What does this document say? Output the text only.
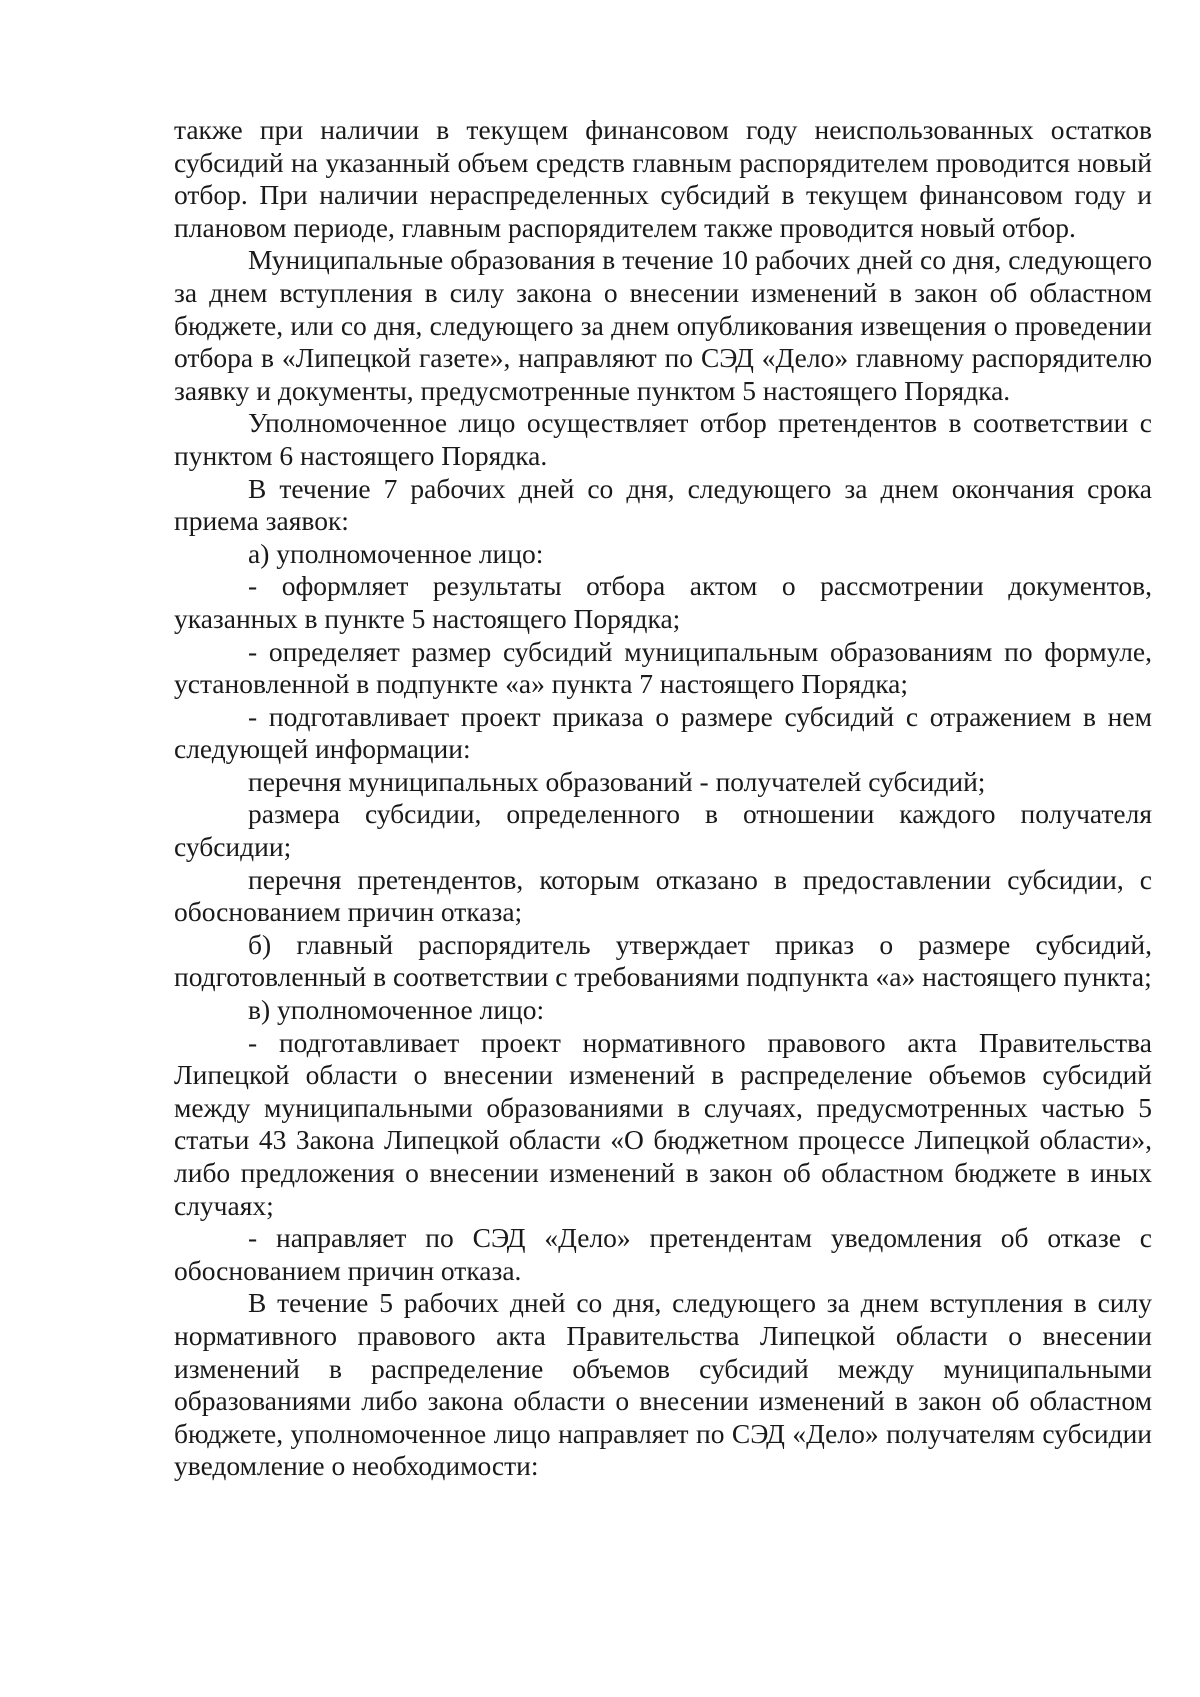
также при наличии в текущем финансовом году неиспользованных остатков субсидий на указанный объем средств главным распорядителем проводится новый отбор. При наличии нераспределенных субсидий в текущем финансовом году и плановом периоде, главным распорядителем также проводится новый отбор.

Муниципальные образования в течение 10 рабочих дней со дня, следующего за днем вступления в силу закона о внесении изменений в закон об областном бюджете, или со дня, следующего за днем опубликования извещения о проведении отбора в «Липецкой газете», направляют по СЭД «Дело» главному распорядителю заявку и документы, предусмотренные пунктом 5 настоящего Порядка.

Уполномоченное лицо осуществляет отбор претендентов в соответствии с пунктом 6 настоящего Порядка.

В течение 7 рабочих дней со дня, следующего за днем окончания срока приема заявок:

а) уполномоченное лицо:

- оформляет результаты отбора актом о рассмотрении документов, указанных в пункте 5 настоящего Порядка;

- определяет размер субсидий муниципальным образованиям по формуле, установленной в подпункте «а» пункта 7 настоящего Порядка;

- подготавливает проект приказа о размере субсидий с отражением в нем следующей информации:

перечня муниципальных образований - получателей субсидий;

размера субсидии, определенного в отношении каждого получателя субсидии;

перечня претендентов, которым отказано в предоставлении субсидии, с обоснованием причин отказа;

б) главный распорядитель утверждает приказ о размере субсидий, подготовленный в соответствии с требованиями подпункта «а» настоящего пункта;

в) уполномоченное лицо:

- подготавливает проект нормативного правового акта Правительства Липецкой области о внесении изменений в распределение объемов субсидий между муниципальными образованиями в случаях, предусмотренных частью 5 статьи 43 Закона Липецкой области «О бюджетном процессе Липецкой области», либо предложения о внесении изменений в закон об областном бюджете в иных случаях;

- направляет по СЭД «Дело» претендентам уведомления об отказе с обоснованием причин отказа.

В течение 5 рабочих дней со дня, следующего за днем вступления в силу нормативного правового акта Правительства Липецкой области о внесении изменений в распределение объемов субсидий между муниципальными образованиями либо закона области о внесении изменений в закон об областном бюджете, уполномоченное лицо направляет по СЭД «Дело» получателям субсидии уведомление о необходимости:
